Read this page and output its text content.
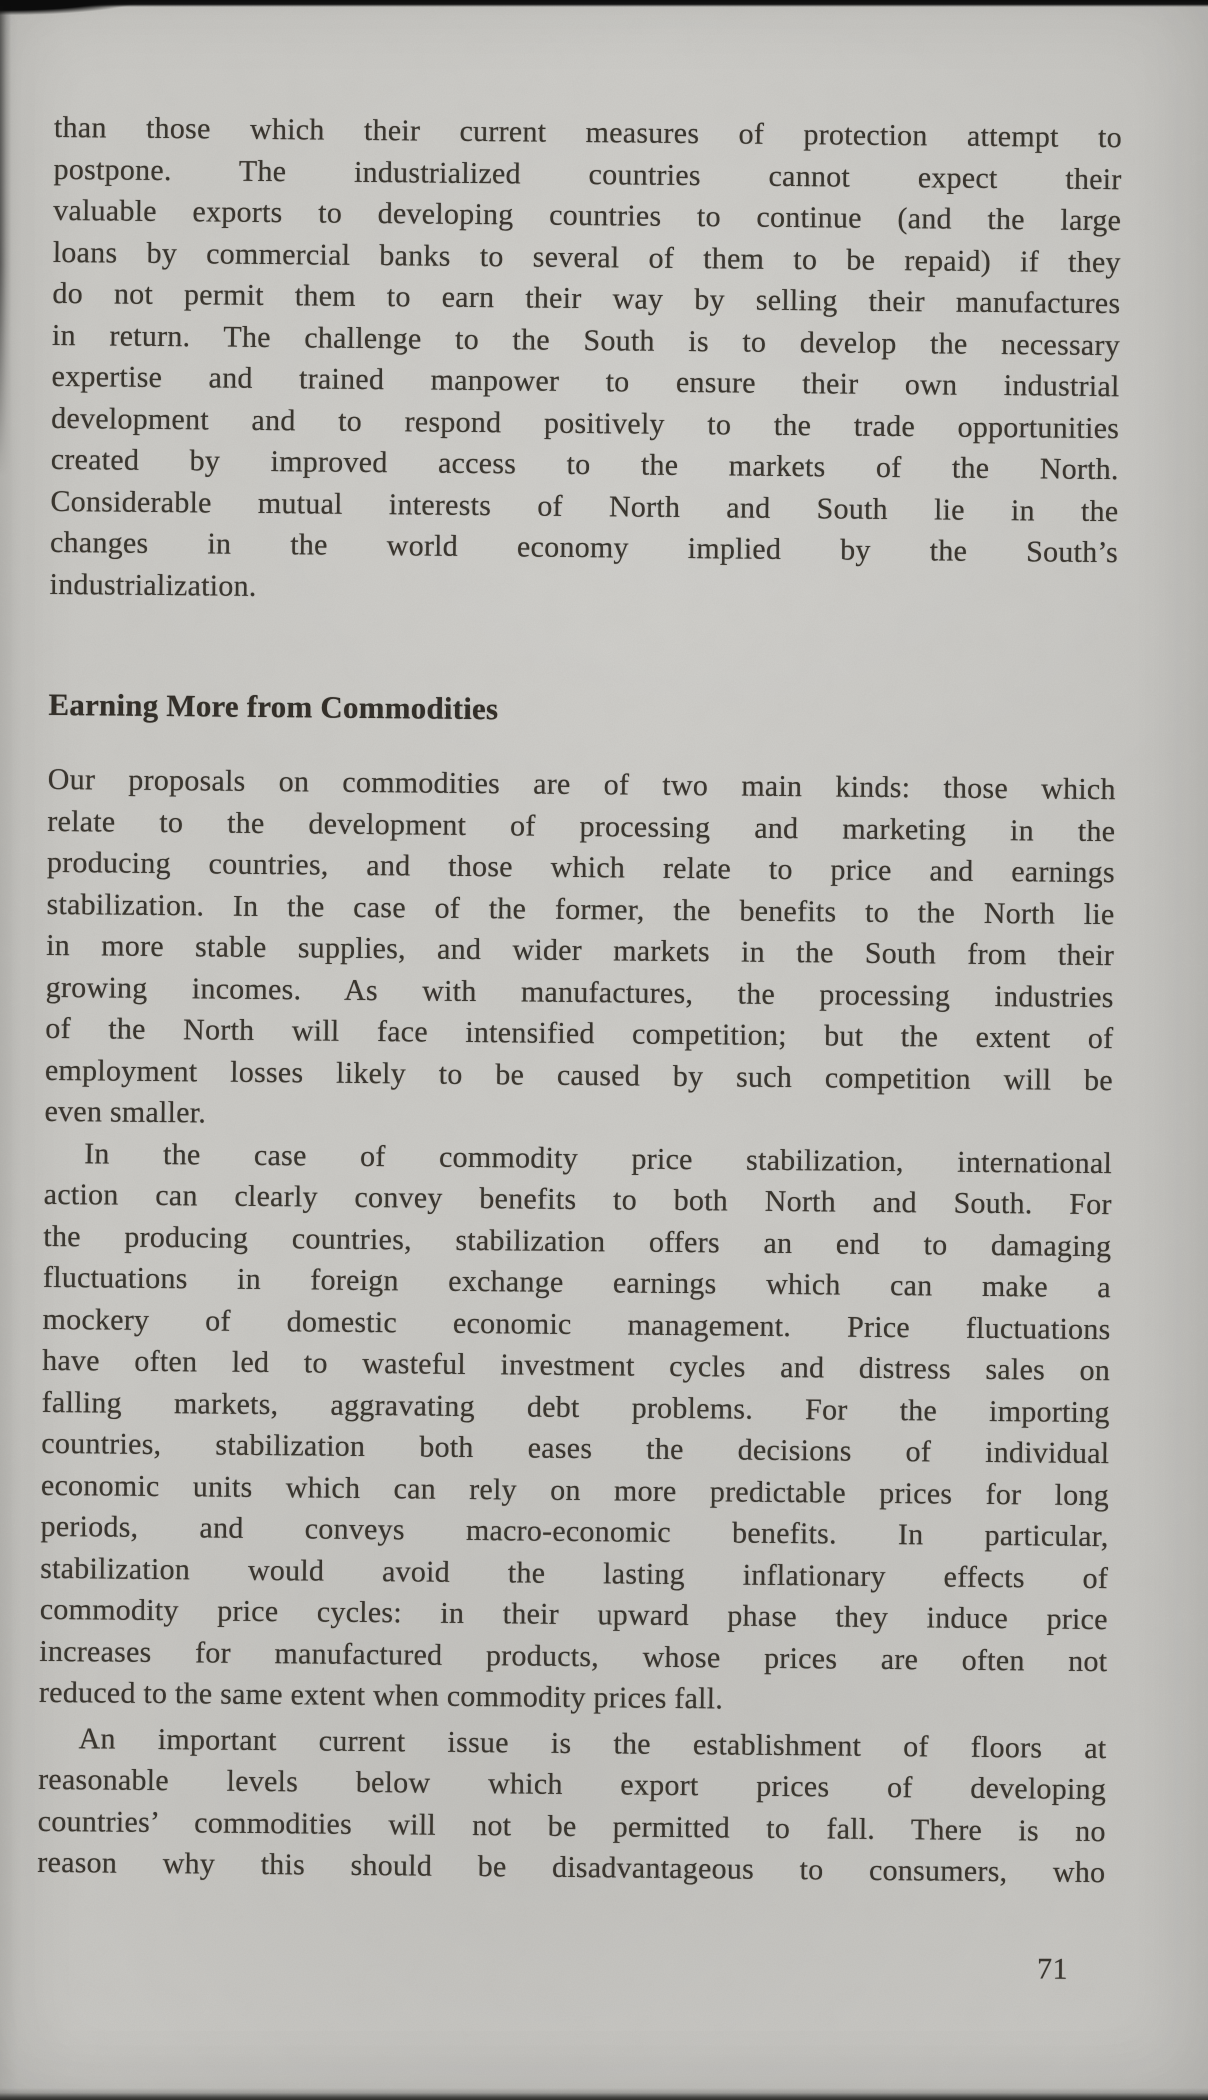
than those which their current measures of protection attempt to
postpone. The industrialized countries cannot expect their
valuable exports to developing countries to continue (and the large
loans by commercial banks to several of them to be repaid) if they
do not permit them to earn their way by selling their manufactures
in return. The challenge to the South is to develop the necessary
expertise and trained manpower to ensure their own industrial
development and to respond positively to the trade opportunities
created by improved access to the markets of the North.
Considerable mutual interests of North and South lie in the
changes in the world economy implied by the South’s
industrialization.
Earning More from Commodities
Our proposals on commodities are of two main kinds: those which
relate to the development of processing and marketing in the
producing countries, and those which relate to price and earnings
stabilization. In the case of the former, the benefits to the North lie
in more stable supplies, and wider markets in the South from their
growing incomes. As with manufactures, the processing industries
of the North will face intensified competition; but the extent of
employment losses likely to be caused by such competition will be
even smaller.
In the case of commodity price stabilization, international
action can clearly convey benefits to both North and South. For
the producing countries, stabilization offers an end to damaging
fluctuations in foreign exchange earnings which can make a
mockery of domestic economic management. Price fluctuations
have often led to wasteful investment cycles and distress sales on
falling markets, aggravating debt problems. For the importing
countries, stabilization both eases the decisions of individual
economic units which can rely on more predictable prices for long
periods, and conveys macro-economic benefits. In particular,
stabilization would avoid the lasting inflationary effects of
commodity price cycles: in their upward phase they induce price
increases for manufactured products, whose prices are often not
reduced to the same extent when commodity prices fall.
An important current issue is the establishment of floors at
reasonable levels below which export prices of developing
countries’ commodities will not be permitted to fall. There is no
reason why this should be disadvantageous to consumers, who
71
